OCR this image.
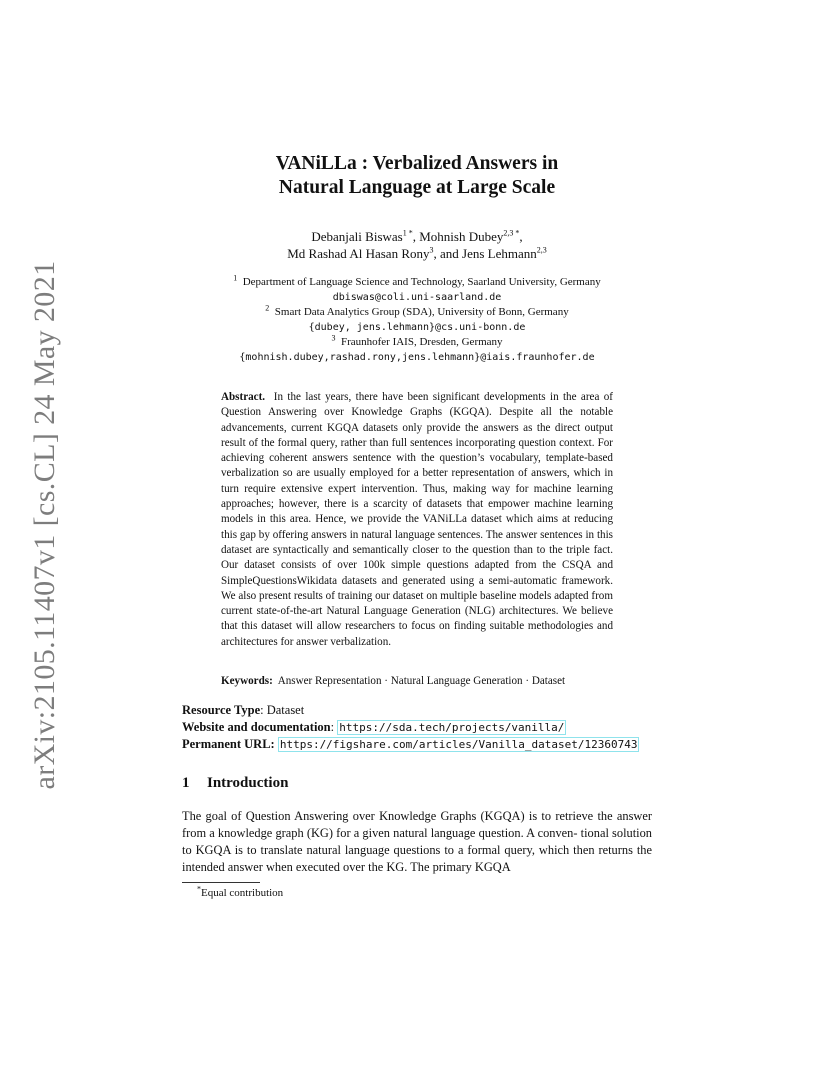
arXiv:2105.11407v1 [cs.CL] 24 May 2021
VANiLLa : Verbalized Answers in
Natural Language at Large Scale
Debanjali Biswas$^{1 *}$, Mohnish Dubey$^{2,3 *}$,
Md Rashad Al Hasan Rony$^3$, and Jens Lehmann$^{2,3}$
$^1$ Department of Language Science and Technology, Saarland University, Germany
dbiswas@coli.uni-saarland.de
$^2$ Smart Data Analytics Group (SDA), University of Bonn, Germany
{dubey, jens.lehmann}@cs.uni-bonn.de
$^3$ Fraunhofer IAIS, Dresden, Germany
{mohnish.dubey,rashad.rony,jens.lehmann}@iais.fraunhofer.de
Abstract. In the last years, there have been significant developments in the area of Question Answering over Knowledge Graphs (KGQA). Despite all the notable advancements, current KGQA datasets only provide the answers as the direct output result of the formal query, rather than full sentences incorporating question context. For achieving coherent answers sentence with the question’s vocabulary, template-based verbalization so are usually employed for a better representation of answers, which in turn require extensive expert intervention. Thus, making way for machine learning approaches; however, there is a scarcity of datasets that empower machine learning models in this area. Hence, we provide the VANiLLa dataset which aims at reducing this gap by offering answers in natural language sentences. The answer sentences in this dataset are syntactically and semantically closer to the question than to the triple fact. Our dataset consists of over 100k simple questions adapted from the CSQA and SimpleQuestionsWikidata datasets and generated using a semi-automatic framework. We also present results of training our dataset on multiple baseline models adapted from current state-of-the-art Natural Language Generation (NLG) architectures. We believe that this dataset will allow researchers to focus on finding suitable methodologies and architectures for answer verbalization.
Keywords: Answer Representation · Natural Language Generation · Dataset
Resource Type: Dataset
Website and documentation: https://sda.tech/projects/vanilla/
Permanent URL: https://figshare.com/articles/Vanilla_dataset/12360743
1 Introduction
The goal of Question Answering over Knowledge Graphs (KGQA) is to retrieve the answer from a knowledge graph (KG) for a given natural language question. A conven- tional solution to KGQA is to translate natural language questions to a formal query, which then returns the intended answer when executed over the KG. The primary KGQA
*Equal contribution
